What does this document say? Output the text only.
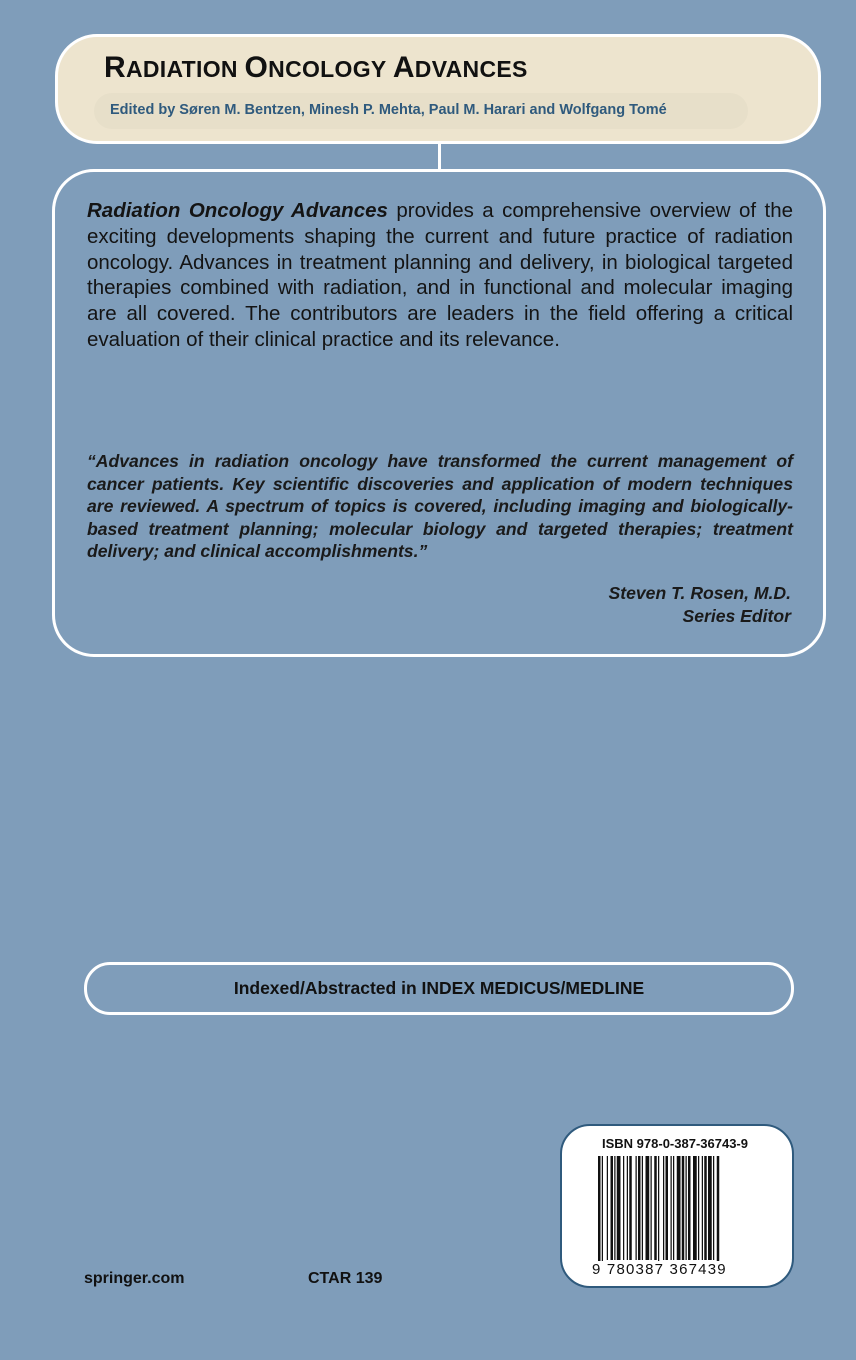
RADIATION ONCOLOGY ADVANCES
Edited by Søren M. Bentzen, Minesh P. Mehta, Paul M. Harari and Wolfgang Tomé

Radiation Oncology Advances provides a comprehensive overview of the exciting developments shaping the current and future practice of radiation oncology. Advances in treatment planning and delivery, in biological targeted therapies combined with radiation, and in functional and molecular imaging are all covered. The contributors are leaders in the field offering a critical evaluation of their clinical practice and its relevance.

“Advances in radiation oncology have transformed the current management of cancer patients. Key scientific discoveries and application of modern techniques are reviewed. A spectrum of topics is covered, including imaging and biologically-based treatment planning; molecular biology and targeted therapies; treatment delivery; and clinical accomplishments.”

Steven T. Rosen, M.D.
Series Editor
Indexed/Abstracted in INDEX MEDICUS/MEDLINE
springer.com	CTAR 139
ISBN 978-0-387-36743-9
9 780387 367439
